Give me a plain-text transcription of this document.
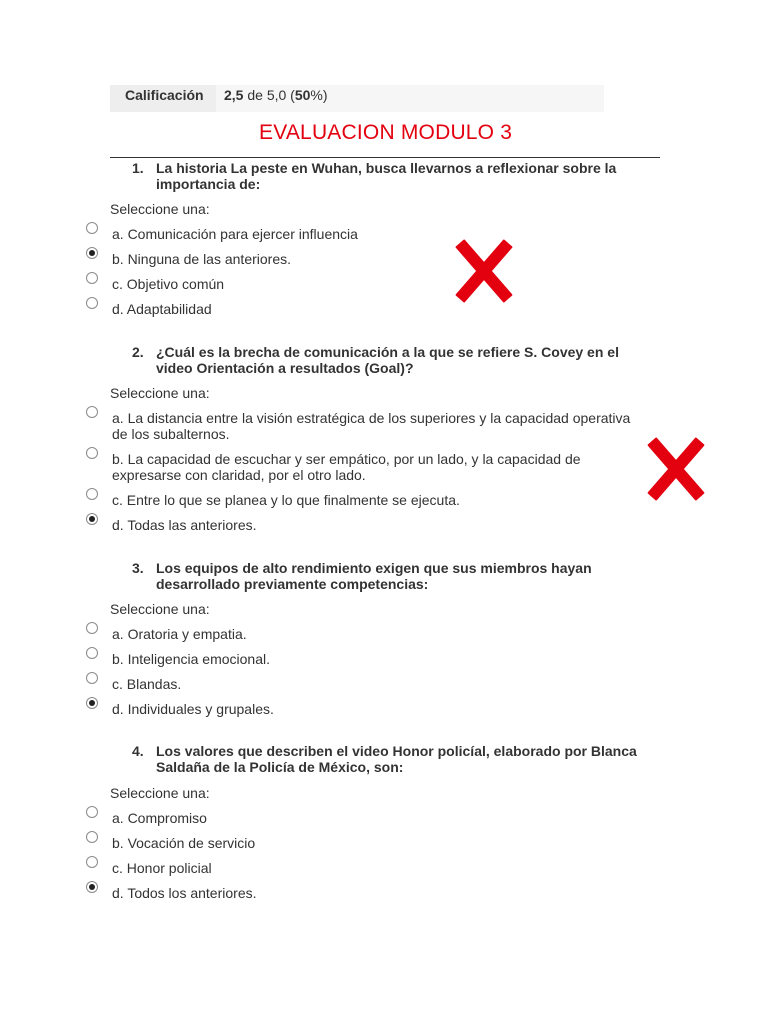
Calificación	2,5 de 5,0 (50%)
EVALUACION MODULO 3
1. La historia La peste en Wuhan, busca llevarnos a reflexionar sobre la importancia de:
Seleccione una:
a. Comunicación para ejercer influencia
b. Ninguna de las anteriores.
c. Objetivo común
d. Adaptabilidad
2. ¿Cuál es la brecha de comunicación a la que se refiere S. Covey en el video Orientación a resultados (Goal)?
Seleccione una:
a. La distancia entre la visión estratégica de los superiores y la capacidad operativa de los subalternos.
b. La capacidad de escuchar y ser empático, por un lado, y la capacidad de expresarse con claridad, por el otro lado.
c. Entre lo que se planea y lo que finalmente se ejecuta.
d. Todas las anteriores.
3. Los equipos de alto rendimiento exigen que sus miembros hayan desarrollado previamente competencias:
Seleccione una:
a. Oratoria y empatia.
b. Inteligencia emocional.
c. Blandas.
d. Individuales y grupales.
4. Los valores que describen el video Honor policíal, elaborado por Blanca Saldaña de la Policía de México, son:
Seleccione una:
a. Compromiso
b. Vocación de servicio
c. Honor policial
d. Todos los anteriores.
